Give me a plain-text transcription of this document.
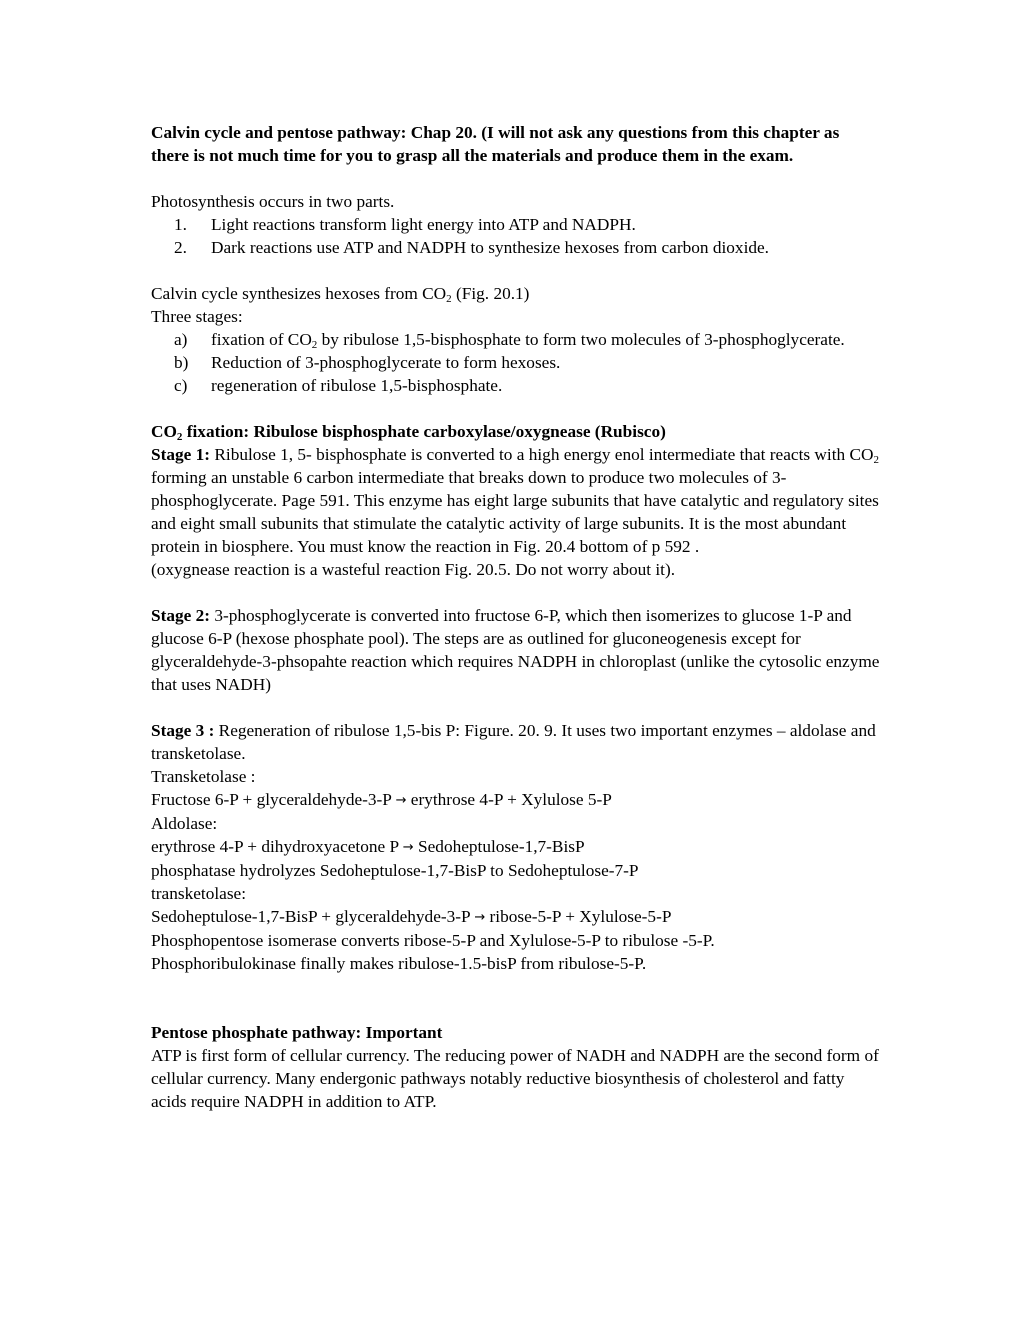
Calvin cycle and pentose pathway: Chap 20. (I will not ask any questions from this chapter as there is not much time for you to grasp all the materials and produce them in the exam.

Photosynthesis occurs in two parts.

1. Light reactions transform light energy into ATP and NADPH.
2. Dark reactions use ATP and NADPH to synthesize hexoses from carbon dioxide.

Calvin cycle synthesizes hexoses from $CO_2$ (Fig. 20.1)

Three stages:

a) fixation of $CO_2$ by ribulose 1,5-bisphosphate to form two molecules of 3-phosphoglycerate.
b) Reduction of 3-phosphoglycerate to form hexoses.
c) regeneration of ribulose 1,5-bisphosphate.

$CO_2$ fixation: Ribulose bisphosphate carboxylase/oxygnease (Rubisco)

Stage 1: Ribulose 1, 5- bisphosphate is converted to a high energy enol intermediate that reacts with $CO_2$ forming an unstable 6 carbon intermediate that breaks down to produce two molecules of 3-phosphoglycerate. Page 591. This enzyme has eight large subunits that have catalytic and regulatory sites and eight small subunits that stimulate the catalytic activity of large subunits. It is the most abundant protein in biosphere. You must know the reaction in Fig. 20.4 bottom of p 592 .

(oxygnease reaction is a wasteful reaction Fig. 20.5. Do not worry about it).

Stage 2: 3-phosphoglycerate is converted into fructose 6-P, which then isomerizes to glucose 1-P and glucose 6-P (hexose phosphate pool). The steps are as outlined for gluconeogenesis except for glyceraldehyde-3-phsopahte reaction which requires NADPH in chloroplast (unlike the cytosolic enzyme that uses NADH)

Stage 3 : Regeneration of ribulose 1,5-bis P: Figure. 20. 9. It uses two important enzymes – aldolase and transketolase.

Transketolase :

Fructose 6-P + glyceraldehyde-3-P → erythrose 4-P + Xylulose 5-P

Aldolase:

erythrose 4-P + dihydroxyacetone P → Sedoheptulose-1,7-BisP

phosphatase hydrolyzes Sedoheptulose-1,7-BisP to Sedoheptulose-7-P

transketolase:

Sedoheptulose-1,7-BisP + glyceraldehyde-3-P → ribose-5-P + Xylulose-5-P

Phosphopentose isomerase converts ribose-5-P and Xylulose-5-P to ribulose -5-P.

Phosphoribulokinase finally makes ribulose-1.5-bisP from ribulose-5-P.

Pentose phosphate pathway: Important

ATP is first form of cellular currency. The reducing power of NADH and NADPH are the second form of cellular currency. Many endergonic pathways notably reductive biosynthesis of cholesterol and fatty acids require NADPH in addition to ATP.
